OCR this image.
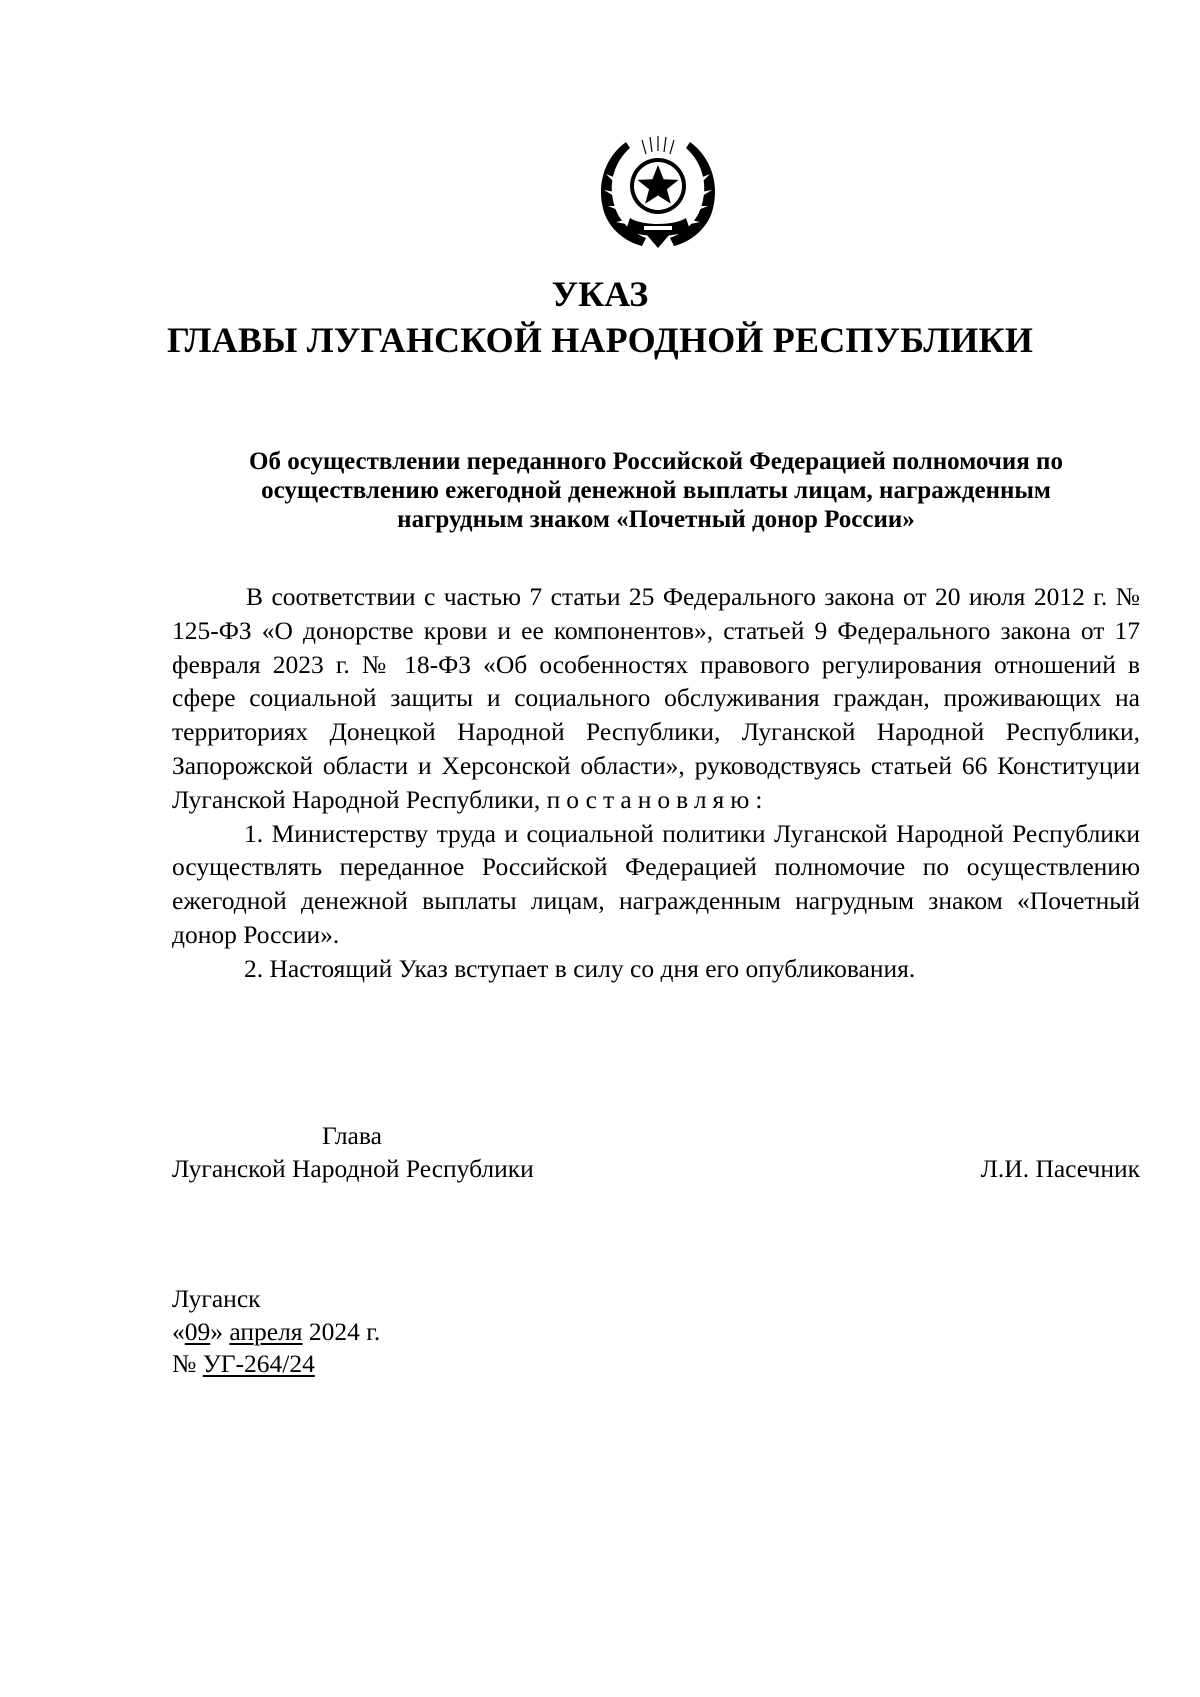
УКАЗ
ГЛАВЫ ЛУГАНСКОЙ НАРОДНОЙ РЕСПУБЛИКИ
Об осуществлении переданного Российской Федерацией полномочия по
осуществлению ежегодной денежной выплаты лицам, награжденным
нагрудным знаком «Почетный донор России»

В соответствии с частью 7 статьи 25 Федерального закона от 20 июля 2012 г. № 125-ФЗ «О донорстве крови и ее компонентов», статьей 9 Федерального закона от 17 февраля 2023 г. № 18-ФЗ «Об особенностях правового регулирования отношений в сфере социальной защиты и социального обслуживания граждан, проживающих на территориях Донецкой Народной Республики, Луганской Народной Республики, Запорожской области и Херсонской области», руководствуясь статьей 66 Конституции Луганской Народной Республики, постановляю:

1. Министерству труда и социальной политики Луганской Народной Республики осуществлять переданное Российской Федерацией полномочие по осуществлению ежегодной денежной выплаты лицам, награжденным нагрудным знаком «Почетный донор России».

2. Настоящий Указ вступает в силу со дня его опубликования.

Глава
Луганской Народной Республики	Л.И. Пасечник
Луганск
«09» апреля 2024 г.
№ УГ-264/24
